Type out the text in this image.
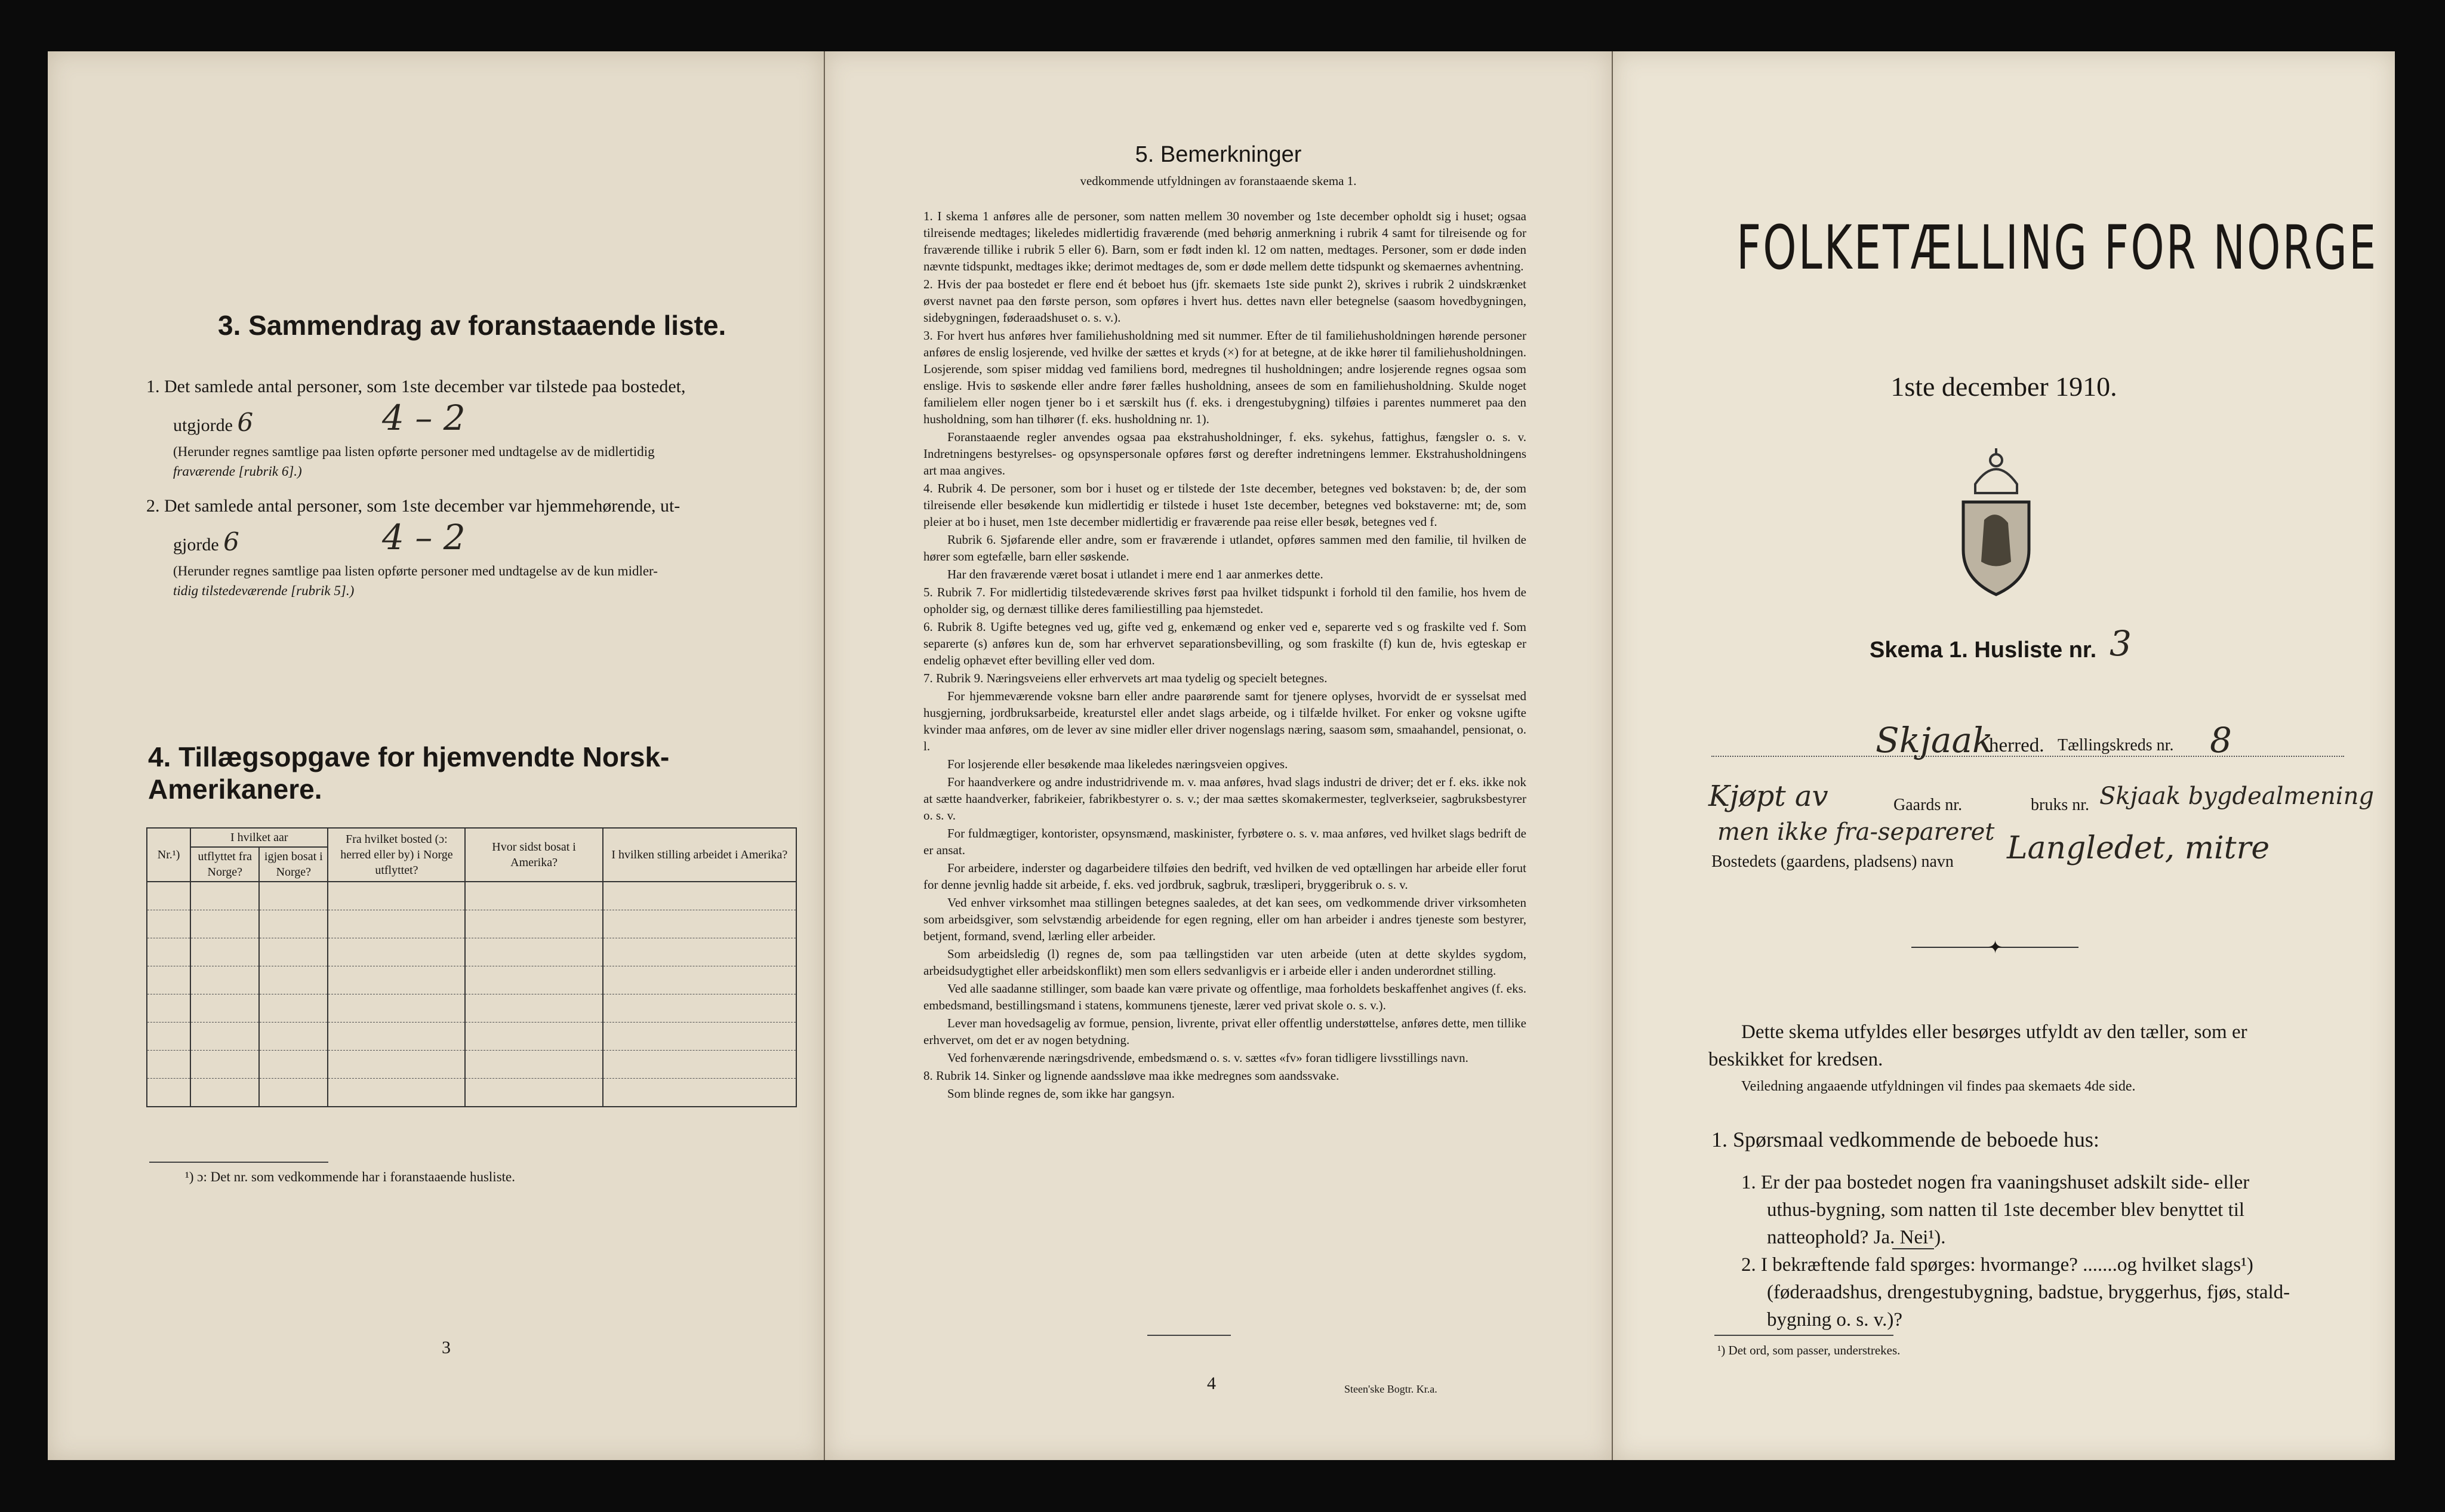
3. Sammendrag av foranstaaende liste.
1. Det samlede antal personer, som 1ste december var tilstede paa bostedet,
utgjorde 6	4 – 2
(Herunder regnes samtlige paa listen opførte personer med undtagelse av de midlertidig
fraværende [rubrik 6].)
2. Det samlede antal personer, som 1ste december var hjemmehørende, ut-
gjorde 6	4 – 2
(Herunder regnes samtlige paa listen opførte personer med undtagelse av de kun midler-
tidig tilstedeværende [rubrik 5].)
4. Tillægsopgave for hjemvendte Norsk-Amerikanere.
Nr.¹)	I hvilket aar		Fra hvilket bosted (ɔ: herred eller by) i Norge utflyttet?	Hvor sidst bosat i Amerika?	I hvilken stilling arbeidet i Amerika?
	utflyttet fra Norge?	igjen bosat i Norge?			

¹) ɔ: Det nr. som vedkommende har i foranstaaende husliste.
3
5. Bemerkninger
vedkommende utfyldningen av foranstaaende skema 1.

1. I skema 1 anføres alle de personer, som natten mellem 30 november og 1ste december opholdt sig i huset; ogsaa tilreisende medtages; likeledes midlertidig fraværende (med behørig anmerkning i rubrik 4 samt for tilreisende og for fraværende tillike i rubrik 5 eller 6). Barn, som er født inden kl. 12 om natten, medtages. Personer, som er døde inden nævnte tidspunkt, medtages ikke; derimot medtages de, som er døde mellem dette tidspunkt og skemaernes avhentning.

2. Hvis der paa bostedet er flere end ét beboet hus (jfr. skemaets 1ste side punkt 2), skrives i rubrik 2 uindskrænket øverst navnet paa den første person, som opføres i hvert hus. dettes navn eller betegnelse (saasom hovedbygningen, sidebygningen, føderaadshuset o. s. v.).

3. For hvert hus anføres hver familiehusholdning med sit nummer. Efter de til familiehusholdningen hørende personer anføres de enslig losjerende, ved hvilke der sættes et kryds (×) for at betegne, at de ikke hører til familiehusholdningen. Losjerende, som spiser middag ved familiens bord, medregnes til husholdningen; andre losjerende regnes ogsaa som enslige. Hvis to søskende eller andre fører fælles husholdning, ansees de som en familiehusholdning. Skulde noget familielem eller nogen tjener bo i et særskilt hus (f. eks. i drengestubygning) tilføies i parentes nummeret paa den husholdning, som han tilhører (f. eks. husholdning nr. 1).

Foranstaaende regler anvendes ogsaa paa ekstrahusholdninger, f. eks. sykehus, fattighus, fængsler o. s. v. Indretningens bestyrelses- og opsynspersonale opføres først og derefter indretningens lemmer. Ekstrahusholdningens art maa angives.

4. Rubrik 4. De personer, som bor i huset og er tilstede der 1ste december, betegnes ved bokstaven: b; de, der som tilreisende eller besøkende kun midlertidig er tilstede i huset 1ste december, betegnes ved bokstaverne: mt; de, som pleier at bo i huset, men 1ste december midlertidig er fraværende paa reise eller besøk, betegnes ved f.

Rubrik 6. Sjøfarende eller andre, som er fraværende i utlandet, opføres sammen med den familie, til hvilken de hører som egtefælle, barn eller søskende.

Har den fraværende været bosat i utlandet i mere end 1 aar anmerkes dette.

5. Rubrik 7. For midlertidig tilstedeværende skrives først paa hvilket tidspunkt i forhold til den familie, hos hvem de opholder sig, og dernæst tillike deres familiestilling paa hjemstedet.

6. Rubrik 8. Ugifte betegnes ved ug, gifte ved g, enkemænd og enker ved e, separerte ved s og fraskilte ved f. Som separerte (s) anføres kun de, som har erhvervet separationsbevilling, og som fraskilte (f) kun de, hvis egteskap er endelig ophævet efter bevilling eller ved dom.

7. Rubrik 9. Næringsveiens eller erhvervets art maa tydelig og specielt betegnes.

For hjemmeværende voksne barn eller andre paarørende samt for tjenere oplyses, hvorvidt de er sysselsat med husgjerning, jordbruksarbeide, kreaturstel eller andet slags arbeide, og i tilfælde hvilket. For enker og voksne ugifte kvinder maa anføres, om de lever av sine midler eller driver nogenslags næring, saasom søm, smaahandel, pensionat, o. l.

For losjerende eller besøkende maa likeledes næringsveien opgives.

For haandverkere og andre industridrivende m. v. maa anføres, hvad slags industri de driver; det er f. eks. ikke nok at sætte haandverker, fabrikeier, fabrikbestyrer o. s. v.; der maa sættes skomakermester, teglverkseier, sagbruksbestyrer o. s. v.

For fuldmægtiger, kontorister, opsynsmænd, maskinister, fyrbøtere o. s. v. maa anføres, ved hvilket slags bedrift de er ansat.

For arbeidere, inderster og dagarbeidere tilføies den bedrift, ved hvilken de ved optællingen har arbeide eller forut for denne jevnlig hadde sit arbeide, f. eks. ved jordbruk, sagbruk, træsliperi, bryggeribruk o. s. v.

Ved enhver virksomhet maa stillingen betegnes saaledes, at det kan sees, om vedkommende driver virksomheten som arbeidsgiver, som selvstændig arbeidende for egen regning, eller om han arbeider i andres tjeneste som bestyrer, betjent, formand, svend, lærling eller arbeider.

Som arbeidsledig (l) regnes de, som paa tællingstiden var uten arbeide (uten at dette skyldes sygdom, arbeidsudygtighet eller arbeidskonflikt) men som ellers sedvanligvis er i arbeide eller i anden underordnet stilling.

Ved alle saadanne stillinger, som baade kan være private og offentlige, maa forholdets beskaffenhet angives (f. eks. embedsmand, bestillingsmand i statens, kommunens tjeneste, lærer ved privat skole o. s. v.).

Lever man hovedsagelig av formue, pension, livrente, privat eller offentlig understøttelse, anføres dette, men tillike erhvervet, om det er av nogen betydning.

Ved forhenværende næringsdrivende, embedsmænd o. s. v. sættes «fv» foran tidligere livsstillings navn.

8. Rubrik 14. Sinker og lignende aandssløve maa ikke medregnes som aandssvake.

Som blinde regnes de, som ikke har gangsyn.

4	Steen'ske Bogtr. Kr.a.
FOLKETÆLLING FOR NORGE
1ste december 1910.
Skema 1. Husliste nr. 3
Skjaak
herred. Tællingskreds nr. 8
Kjøpt av	Gaards nr.	bruks nr. Skjaak bygdealmening
men ikke fra-separeret
Bostedets (gaardens, pladsens) navn Langledet, mitre
✦
Dette skema utfyldes eller besørges utfyldt av den tæller, som er
beskikket for kredsen.
Veiledning angaaende utfyldningen vil findes paa skemaets 4de side.
1. Spørsmaal vedkommende de beboede hus:
1. Er der paa bostedet nogen fra vaaningshuset adskilt side- eller
uthus-bygning, som natten til 1ste december blev benyttet til
natteophold? Ja. Nei¹).
2. I bekræftende fald spørges: hvormange? .......og hvilket slags¹)
(føderaadshus, drengestubygning, badstue, bryggerhus, fjøs, stald-
bygning o. s. v.)?
¹) Det ord, som passer, understrekes.
